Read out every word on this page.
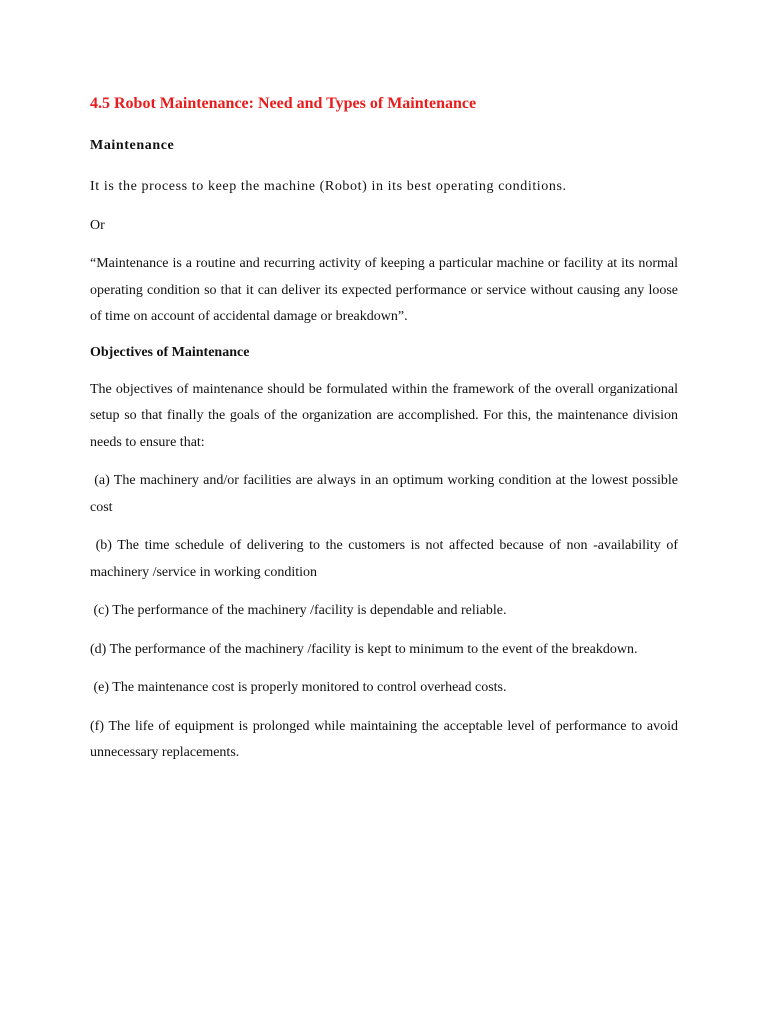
4.5 Robot Maintenance: Need and Types of Maintenance
Maintenance

It is the process to keep the machine (Robot) in its best operating conditions.

Or

“Maintenance is a routine and recurring activity of keeping a particular machine or facility at its normal operating condition so that it can deliver its expected performance or service without causing any loose of time on account of accidental damage or breakdown”.

Objectives of Maintenance

The objectives of maintenance should be formulated within the framework of the overall organizational setup so that finally the goals of the organization are accomplished. For this, the maintenance division needs to ensure that:

(a) The machinery and/or facilities are always in an optimum working condition at the lowest possible cost

(b) The time schedule of delivering to the customers is not affected because of non -availability of machinery /service in working condition

(c) The performance of the machinery /facility is dependable and reliable.

(d) The performance of the machinery /facility is kept to minimum to the event of the breakdown.

(e) The maintenance cost is properly monitored to control overhead costs.

(f) The life of equipment is prolonged while maintaining the acceptable level of performance to avoid unnecessary replacements.
